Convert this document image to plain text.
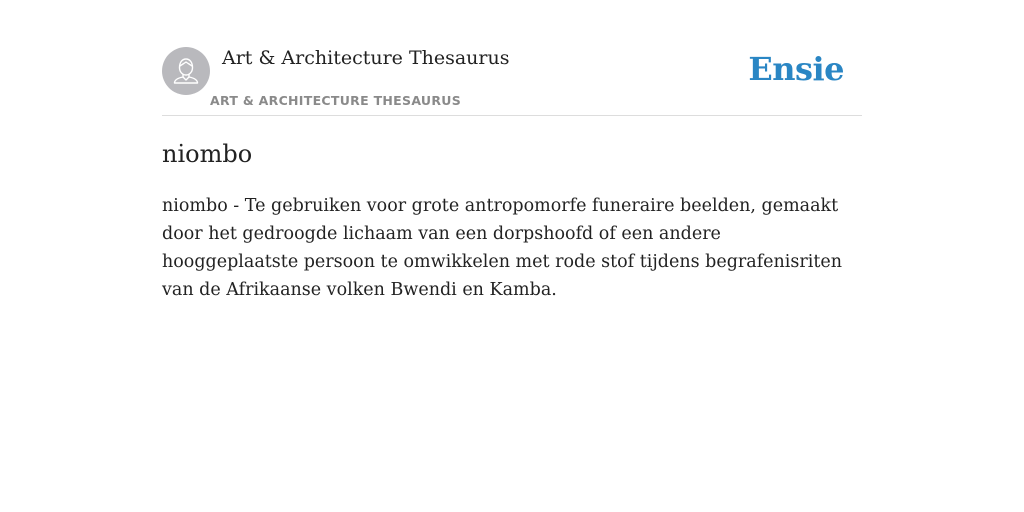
Art & Architecture Thesaurus
ART & ARCHITECTURE THESAURUS
Ensie
niombo

niombo - Te gebruiken voor grote antropomorfe funeraire beelden, gemaakt door het gedroogde lichaam van een dorpshoofd of een andere hooggeplaatste persoon te omwikkelen met rode stof tijdens begrafenisriten van de Afrikaanse volken Bwendi en Kamba.
